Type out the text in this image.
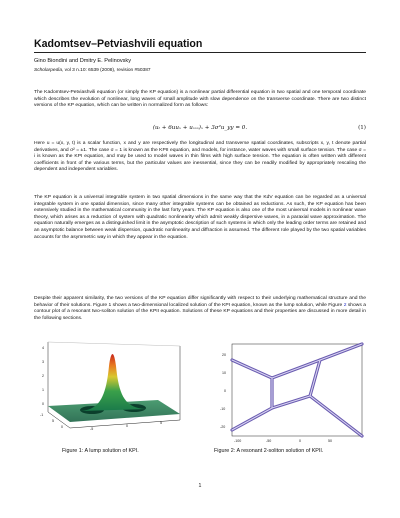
Kadomtsev–Petviashvili equation
Gino Biondini and Dmitry E. Pelinovsky
Scholarpedia, vol 3 n.10: 6539 (2008), revision #50387

The Kadomtsev-Petviashvili equation (or simply the KP equation) is a nonlinear partial differential equation in two spatial and one temporal coordinate which describes the evolution of nonlinear, long waves of small amplitude with slow dependence on the transverse coordinate. There are two distinct versions of the KP equation, which can be written in normalized form as follows:

(uₜ + 6uuₓ + uₓₓₓ)ₓ + 3σ²u_yy = 0.	(1)

Here u = u(x, y, t) is a scalar function, x and y are respectively the longitudinal and transverse spatial coordinates, subscripts x, y, t denote partial derivatives, and σ² = ±1. The case σ = 1 is known as the KPII equation, and models, for instance, water waves with small surface tension. The case σ = i is known as the KPI equation, and may be used to model waves in thin films with high surface tension. The equation is often written with different coefficients in front of the various terms, but the particular values are inessential, since they can be readily modified by appropriately rescaling the dependent and independent variables.

The KP equation is a universal integrable system in two spatial dimensions in the same way that the KdV equation can be regarded as a universal integrable system in one spatial dimension, since many other integrable systems can be obtained as reductions. As such, the KP equation has been extensively studied in the mathematical community in the last forty years. The KP equation is also one of the most universal models in nonlinear wave theory, which arises as a reduction of system with quadratic nonlinearity which admit weakly dispersive waves, in a paraxial wave approximation. The equation naturally emerges as a distinguished limit in the asymptotic description of such systems in which only the leading order terms are retained and an asymptotic balance between weak dispersion, quadratic nonlinearity and diffraction is assumed. The different role played by the two spatial variables accounts for the asymmetric way in which they appear in the equation.

Despite their apparent similarity, the two versions of the KP equation differ significantly with respect to their underlying mathematical structure and the behavior of their solutions. Figure 1 shows a two-dimensional localized solution of the KPI equation, known as the lump solution, while Figure 2 shows a contour plot of a resonant two-soliton solution of the KPII equation. Solutions of these KP equations and their properties are discussed in more detail in the following sections.

4
3
2
1
0
-1
5
0	-5
0
5
20
10
0
-10
-20
-100	-50	0	50
Figure 1: A lump solution of KPI.	Figure 2: A resonant 2-soliton solution of KPII.
1
